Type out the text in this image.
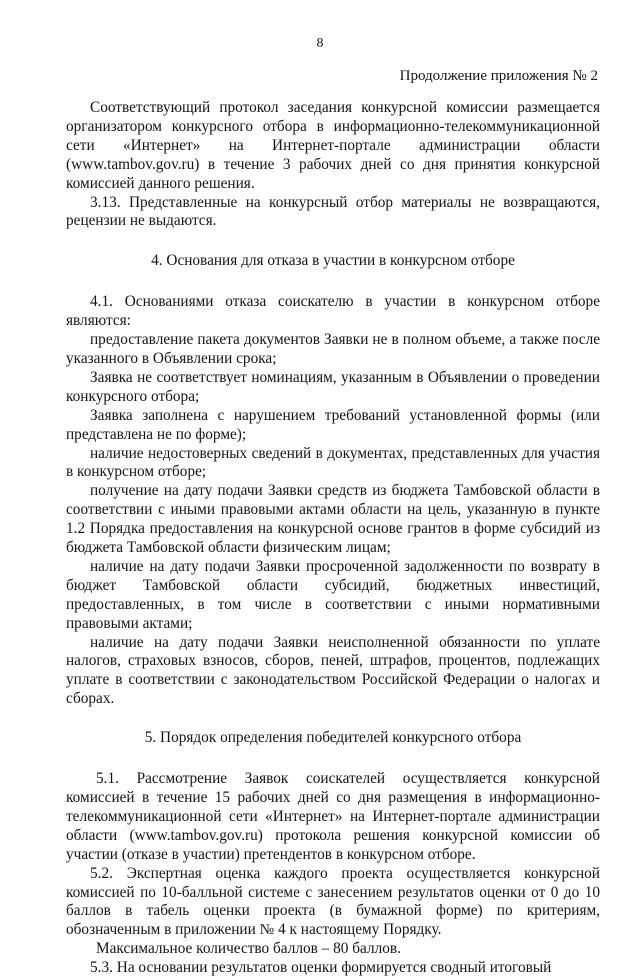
8
Продолжение приложения № 2

Соответствующий протокол заседания конкурсной комиссии размещается организатором конкурсного отбора в информационно-телекоммуникационной сети «Интернет» на Интернет-портале администрации области (www.tambov.gov.ru) в течение 3 рабочих дней со дня принятия конкурсной комиссией данного решения.

3.13. Представленные на конкурсный отбор материалы не возвращаются, рецензии не выдаются.

4. Основания для отказа в участии в конкурсном отборе

4.1. Основаниями отказа соискателю в участии в конкурсном отборе являются:

предоставление пакета документов Заявки не в полном объеме, а также после указанного в Объявлении срока;

Заявка не соответствует номинациям, указанным в Объявлении о проведении конкурсного отбора;

Заявка заполнена с нарушением требований установленной формы (или представлена не по форме);

наличие недостоверных сведений в документах, представленных для участия в конкурсном отборе;

получение на дату подачи Заявки средств из бюджета Тамбовской области в соответствии с иными правовыми актами области на цель, указанную в пункте 1.2 Порядка предоставления на конкурсной основе грантов в форме субсидий из бюджета Тамбовской области физическим лицам;

наличие на дату подачи Заявки просроченной задолженности по возврату в бюджет Тамбовской области субсидий, бюджетных инвестиций, предоставленных, в том числе в соответствии с иными нормативными правовыми актами;

наличие на дату подачи Заявки неисполненной обязанности по уплате налогов, страховых взносов, сборов, пеней, штрафов, процентов, подлежащих уплате в соответствии с законодательством Российской Федерации о налогах и сборах.

5. Порядок определения победителей конкурсного отбора

5.1. Рассмотрение Заявок соискателей осуществляется конкурсной комиссией в течение 15 рабочих дней со дня размещения в информационно-телекоммуникационной сети «Интернет» на Интернет-портале администрации области (www.tambov.gov.ru) протокола решения конкурсной комиссии об участии (отказе в участии) претендентов в конкурсном отборе.

5.2. Экспертная оценка каждого проекта осуществляется конкурсной комиссией по 10-балльной системе с занесением результатов оценки от 0 до 10 баллов в табель оценки проекта (в бумажной форме) по критериям, обозначенным в приложении № 4 к настоящему Порядку.

Максимальное количество баллов – 80 баллов.

5.3. На основании результатов оценки формируется сводный итоговый
